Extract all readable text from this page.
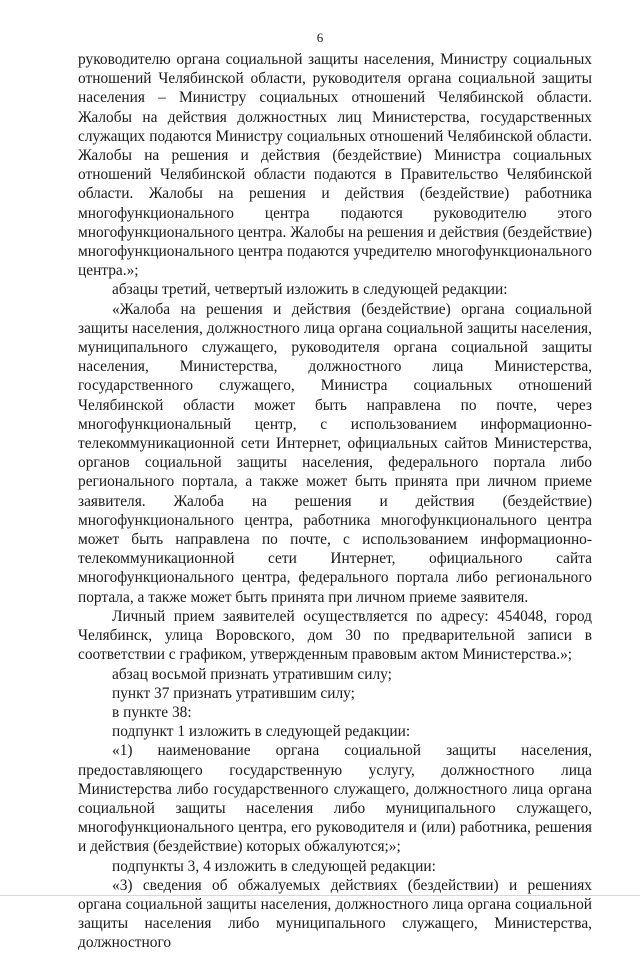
6

руководителю органа социальной защиты населения, Министру социальных отношений Челябинской области, руководителя органа социальной защиты населения – Министру социальных отношений Челябинской области. Жалобы на действия должностных лиц Министерства, государственных служащих подаются Министру социальных отношений Челябинской области. Жалобы на решения и действия (бездействие) Министра социальных отношений Челябинской области подаются в Правительство Челябинской области. Жалобы на решения и действия (бездействие) работника многофункционального центра подаются руководителю этого многофункционального центра. Жалобы на решения и действия (бездействие) многофункционального центра подаются учредителю многофункционального центра.»;

абзацы третий, четвертый изложить в следующей редакции:

«Жалоба на решения и действия (бездействие) органа социальной защиты населения, должностного лица органа социальной защиты населения, муниципального служащего, руководителя органа социальной защиты населения, Министерства, должностного лица Министерства, государственного служащего, Министра социальных отношений Челябинской области может быть направлена по почте, через многофункциональный центр, с использованием информационно-телекоммуникационной сети Интернет, официальных сайтов Министерства, органов социальной защиты населения, федерального портала либо регионального портала, а также может быть принята при личном приеме заявителя. Жалоба на решения и действия (бездействие) многофункционального центра, работника многофункционального центра может быть направлена по почте, с использованием информационно-телекоммуникационной сети Интернет, официального сайта многофункционального центра, федерального портала либо регионального портала, а также может быть принята при личном приеме заявителя.

Личный прием заявителей осуществляется по адресу: 454048, город Челябинск, улица Воровского, дом 30 по предварительной записи в соответствии с графиком, утвержденным правовым актом Министерства.»;

абзац восьмой признать утратившим силу;

пункт 37 признать утратившим силу;

в пункте 38:

подпункт 1 изложить в следующей редакции:

«1) наименование органа социальной защиты населения, предоставляющего государственную услугу, должностного лица Министерства либо государственного служащего, должностного лица органа социальной защиты населения либо муниципального служащего, многофункционального центра, его руководителя и (или) работника, решения и действия (бездействие) которых обжалуются;»;

подпункты 3, 4 изложить в следующей редакции:

«3) сведения об обжалуемых действиях (бездействии) и решениях органа социальной защиты населения, должностного лица органа социальной защиты населения либо муниципального служащего, Министерства, должностного
